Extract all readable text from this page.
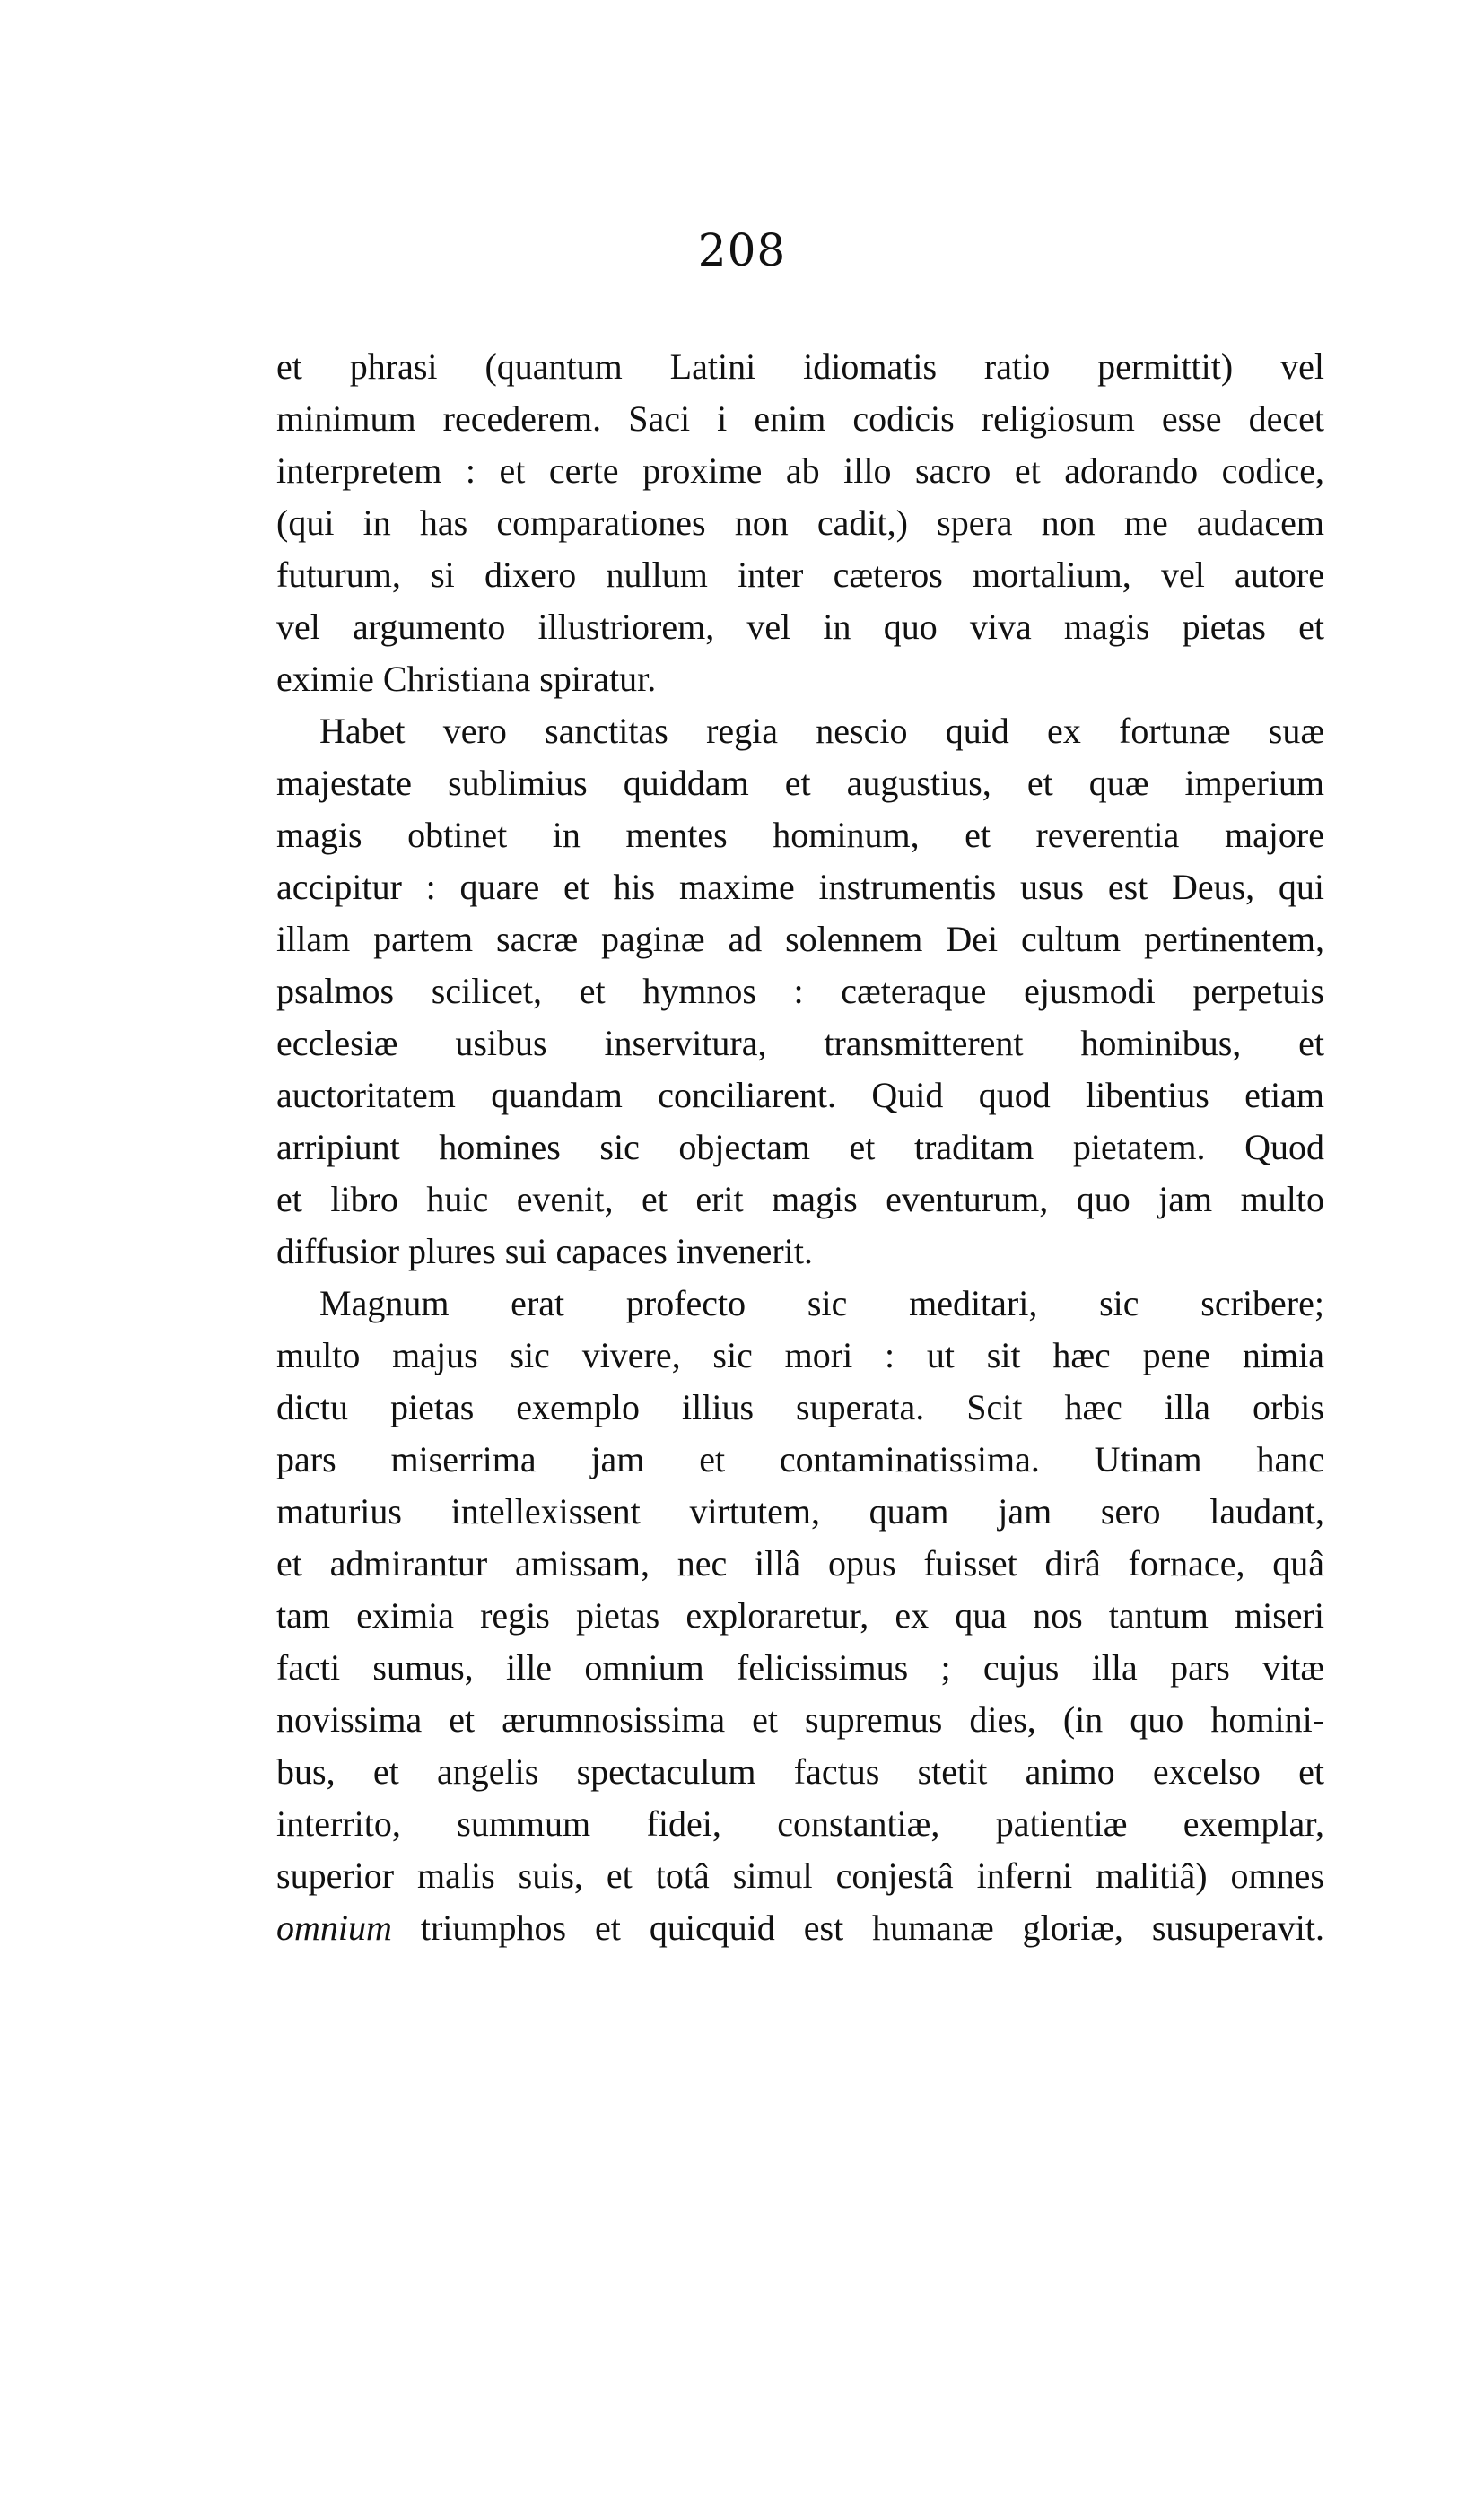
208
et phrasi (quantum Latini idiomatis ratio permittit) vel
minimum recederem. Saci i enim codicis religiosum esse decet
interpretem : et certe proxime ab illo sacro et adorando codice,
(qui in has comparationes non cadit,) spera non me audacem
futurum, si dixero nullum inter cæteros mortalium, vel autore
vel argumento illustriorem, vel in quo viva magis pietas et
eximie Christiana spiratur.
Habet vero sanctitas regia nescio quid ex fortunæ suæ
majestate sublimius quiddam et augustius, et quæ imperium
magis obtinet in mentes hominum, et reverentia majore
accipitur : quare et his maxime instrumentis usus est Deus, qui
illam partem sacræ paginæ ad solennem Dei cultum pertinentem,
psalmos scilicet, et hymnos : cæteraque ejusmodi perpetuis
ecclesiæ usibus inservitura, transmitterent hominibus, et
auctoritatem quandam conciliarent. Quid quod libentius etiam
arripiunt homines sic objectam et traditam pietatem. Quod
et libro huic evenit, et erit magis eventurum, quo jam multo
diffusior plures sui capaces invenerit.
Magnum erat profecto sic meditari, sic scribere;
multo majus sic vivere, sic mori : ut sit hæc pene nimia
dictu pietas exemplo illius superata. Scit hæc illa orbis
pars miserrima jam et contaminatissima. Utinam hanc
maturius intellexissent virtutem, quam jam sero laudant,
et admirantur amissam, nec illâ opus fuisset dirâ fornace, quâ
tam eximia regis pietas exploraretur, ex qua nos tantum miseri
facti sumus, ille omnium felicissimus ; cujus illa pars vitæ
novissima et ærumnosissima et supremus dies, (in quo homini-
bus, et angelis spectaculum factus stetit animo excelso et
interrito, summum fidei, constantiæ, patientiæ exemplar,
superior malis suis, et totâ simul conjestâ inferni malitiâ) omnes
omnium triumphos et quicquid est humanæ gloriæ, susuperavit.
